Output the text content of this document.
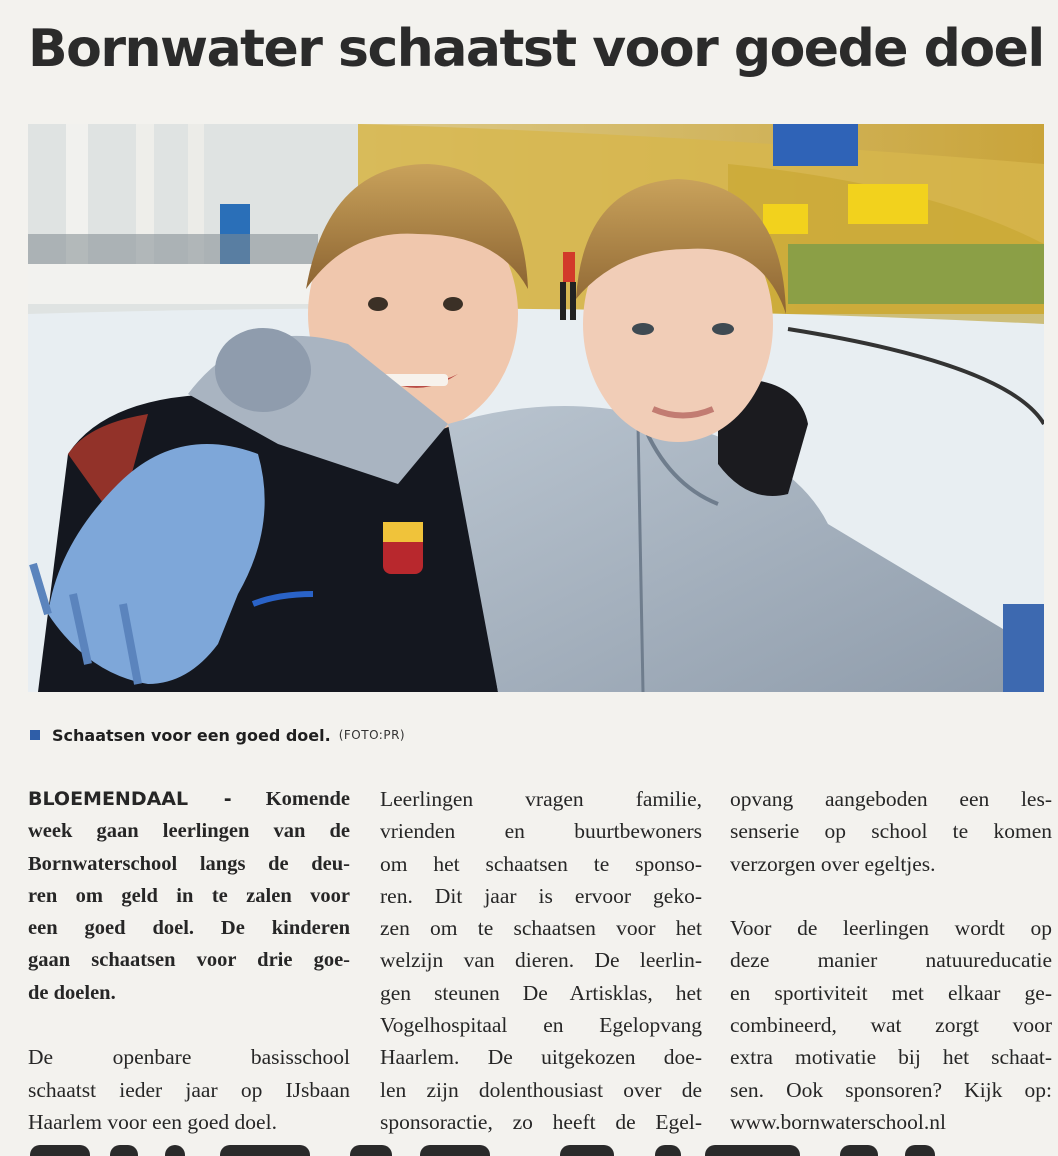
Bornwater schaatst voor goede doel
Schaatsen voor een goed doel. (FOTO:PR)
BLOEMENDAAL - Komende
week gaan leerlingen van de
Bornwaterschool langs de deu-
ren om geld in te zalen voor
een goed doel. De kinderen
gaan schaatsen voor drie goe-
de doelen.
De openbare basisschool
schaatst ieder jaar op IJsbaan
Haarlem voor een goed doel.
Leerlingen vragen familie,
vrienden en buurtbewoners
om het schaatsen te sponso-
ren. Dit jaar is ervoor geko-
zen om te schaatsen voor het
welzijn van dieren. De leerlin-
gen steunen De Artisklas, het
Vogelhospitaal en Egelopvang
Haarlem. De uitgekozen doe-
len zijn dolenthousiast over de
sponsoractie, zo heeft de Egel-
opvang aangeboden een les-
senserie op school te komen
verzorgen over egeltjes.
Voor de leerlingen wordt op
deze manier natuureducatie
en sportiviteit met elkaar ge-
combineerd, wat zorgt voor
extra motivatie bij het schaat-
sen. Ook sponsoren? Kijk op:
www.bornwaterschool.nl
